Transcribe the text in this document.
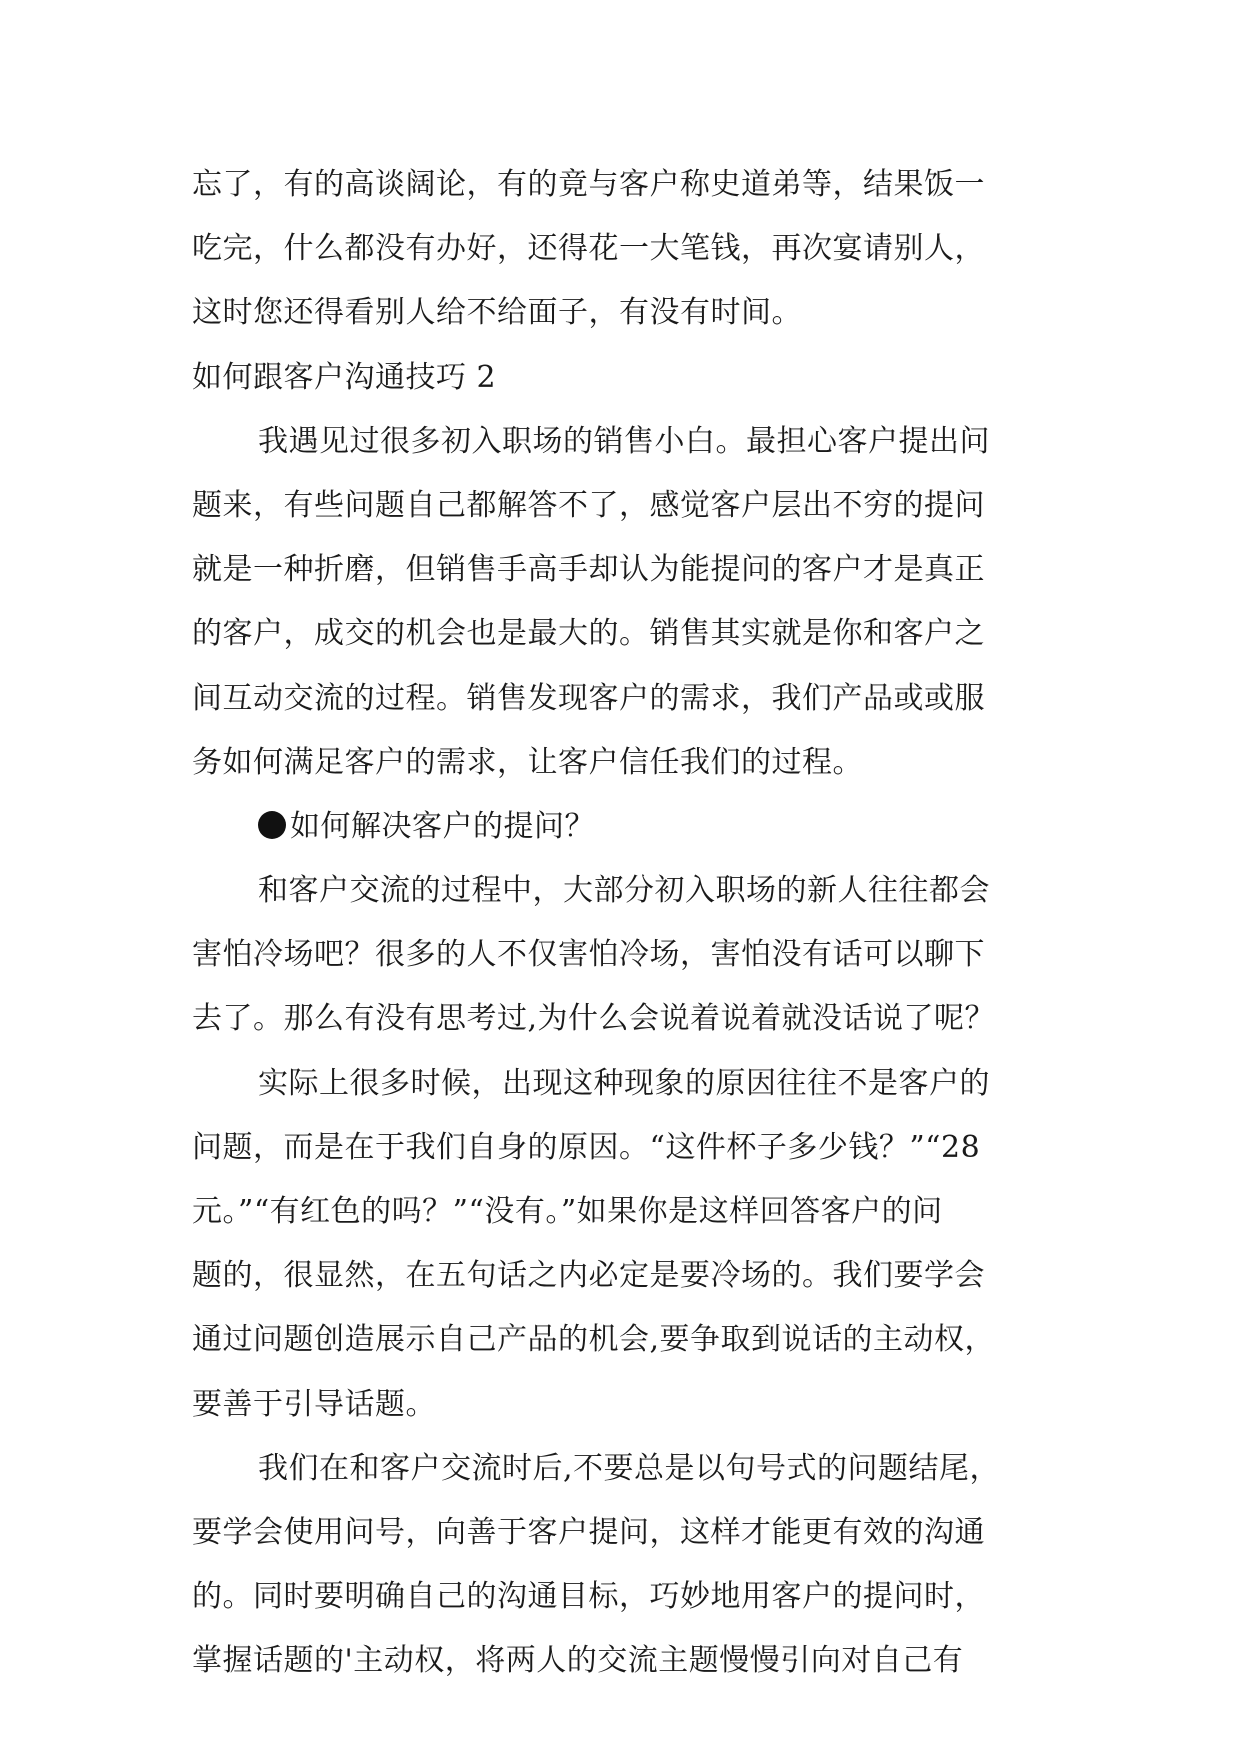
忘了，有的高谈阔论，有的竟与客户称史道弟等，结果饭一
吃完，什么都没有办好，还得花一大笔钱，再次宴请别人，
这时您还得看别人给不给面子，有没有时间。
如何跟客户沟通技巧 2
我遇见过很多初入职场的销售小白。最担心客户提出问
题来，有些问题自己都解答不了，感觉客户层出不穷的提问
就是一种折磨，但销售手高手却认为能提问的客户才是真正
的客户，成交的机会也是最大的。销售其实就是你和客户之
间互动交流的过程。销售发现客户的需求，我们产品或或服
务如何满足客户的需求，让客户信任我们的过程。
如何解决客户的提问？
和客户交流的过程中，大部分初入职场的新人往往都会
害怕冷场吧？很多的人不仅害怕冷场，害怕没有话可以聊下
去了。那么有没有思考过,为什么会说着说着就没话说了呢？
实际上很多时候，出现这种现象的原因往往不是客户的
问题，而是在于我们自身的原因。“这件杯子多少钱？”“28
元。”“有红色的吗？”“没有。”如果你是这样回答客户的问
题的，很显然，在五句话之内必定是要冷场的。我们要学会
通过问题创造展示自己产品的机会,要争取到说话的主动权，
要善于引导话题。
我们在和客户交流时后,不要总是以句号式的问题结尾，
要学会使用问号，向善于客户提问，这样才能更有效的沟通
的。同时要明确自己的沟通目标，巧妙地用客户的提问时，
掌握话题的'主动权，将两人的交流主题慢慢引向对自己有
